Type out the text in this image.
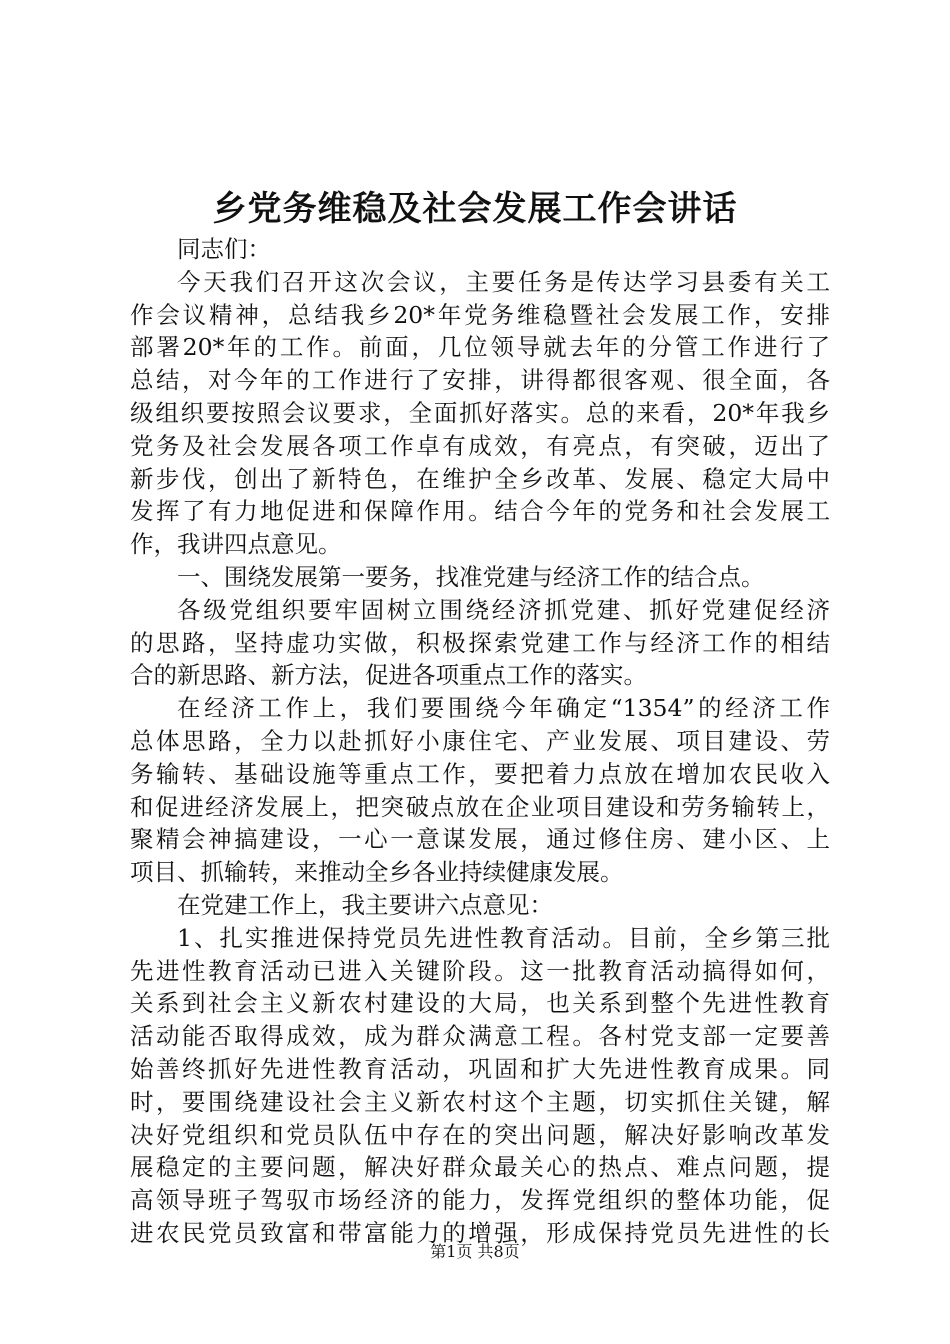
乡党务维稳及社会发展工作会讲话
同志们：
今天我们召开这次会议，主要任务是传达学习县委有关工
作会议精神，总结我乡20*年党务维稳暨社会发展工作，安排
部署20*年的工作。前面，几位领导就去年的分管工作进行了
总结，对今年的工作进行了安排，讲得都很客观、很全面，各
级组织要按照会议要求，全面抓好落实。总的来看，20*年我乡
党务及社会发展各项工作卓有成效，有亮点，有突破，迈出了
新步伐，创出了新特色，在维护全乡改革、发展、稳定大局中
发挥了有力地促进和保障作用。结合今年的党务和社会发展工
作，我讲四点意见。
一、围绕发展第一要务，找准党建与经济工作的结合点。
各级党组织要牢固树立围绕经济抓党建、抓好党建促经济
的思路，坚持虚功实做，积极探索党建工作与经济工作的相结
合的新思路、新方法，促进各项重点工作的落实。
在经济工作上，我们要围绕今年确定“1354”的经济工作
总体思路，全力以赴抓好小康住宅、产业发展、项目建设、劳
务输转、基础设施等重点工作，要把着力点放在增加农民收入
和促进经济发展上，把突破点放在企业项目建设和劳务输转上，
聚精会神搞建设，一心一意谋发展，通过修住房、建小区、上
项目、抓输转，来推动全乡各业持续健康发展。
在党建工作上，我主要讲六点意见：
1、扎实推进保持党员先进性教育活动。目前，全乡第三批
先进性教育活动已进入关键阶段。这一批教育活动搞得如何，
关系到社会主义新农村建设的大局，也关系到整个先进性教育
活动能否取得成效，成为群众满意工程。各村党支部一定要善
始善终抓好先进性教育活动，巩固和扩大先进性教育成果。同
时，要围绕建设社会主义新农村这个主题，切实抓住关键，解
决好党组织和党员队伍中存在的突出问题，解决好影响改革发
展稳定的主要问题，解决好群众最关心的热点、难点问题，提
高领导班子驾驭市场经济的能力，发挥党组织的整体功能，促
进农民党员致富和带富能力的增强，形成保持党员先进性的长
第1页 共8页
